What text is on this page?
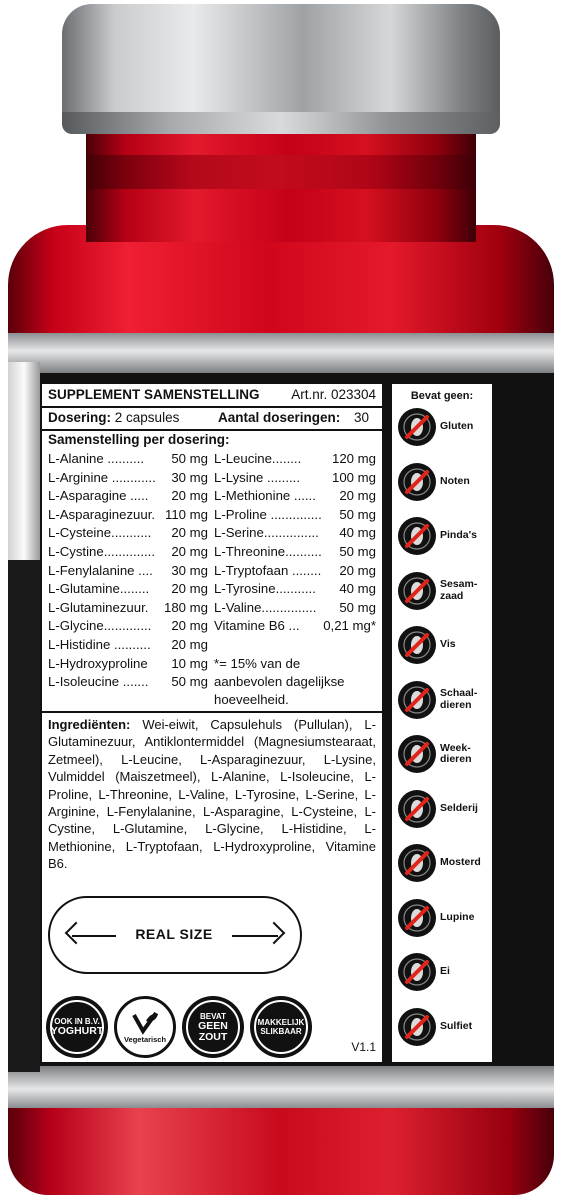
SUPPLEMENT SAMENSTELLING Art.nr. 023304
Dosering: 2 capsules	Aantal doseringen: 30
Samenstelling per dosering:
L-Alanine .......... 50 mg
L-Arginine ............ 30 mg
L-Asparagine ..... 20 mg
L-Asparaginezuur. 110 mg
L-Cysteine........... 20 mg
L-Cystine.............. 20 mg
L-Fenylalanine .... 30 mg
L-Glutamine........ 20 mg
L-Glutaminezuur. 180 mg
L-Glycine............. 20 mg
L-Histidine .......... 20 mg
L-Hydroxyproline 10 mg
L-Isoleucine ....... 50 mg
L-Leucine........ 120 mg
L-Lysine ......... 100 mg
L-Methionine ...... 20 mg
L-Proline .............. 50 mg
L-Serine............... 40 mg
L-Threonine.......... 50 mg
L-Tryptofaan ........ 20 mg
L-Tyrosine........... 40 mg
L-Valine............... 50 mg
Vitamine B6 ... 0,21 mg*
*= 15% van de
aanbevolen dagelijkse
hoeveelheid.
Ingrediënten: Wei-eiwit, Capsulehuls (Pullulan), L-Glutaminezuur, Antiklontermiddel (Magnesiumstearaat, Zetmeel), L-Leucine, L-Asparaginezuur, L-Lysine, Vulmiddel (Maiszetmeel), L-Alanine, L-Isoleucine, L-Proline, L-Threonine, L-Valine, L-Tyrosine, L-Serine, L-Arginine, L-Fenylalanine, L-Asparagine, L-Cysteine, L-Cystine, L-Glutamine, L-Glycine, L-Histidine, L-Methionine, L-Tryptofaan, L-Hydroxyproline, Vitamine B6.
REAL SIZE
OOK IN B.V.
YOGHURT
Vegetarisch
BEVAT
GEEN
ZOUT
MAKKELIJK
SLIKBAAR
V1.1
Bevat geen:
Gluten
Noten
Pinda's
Sesam-
zaad
Vis
Schaal-
dieren
Week-
dieren
Selderij
Mosterd
Lupine
Ei
Sulfiet
